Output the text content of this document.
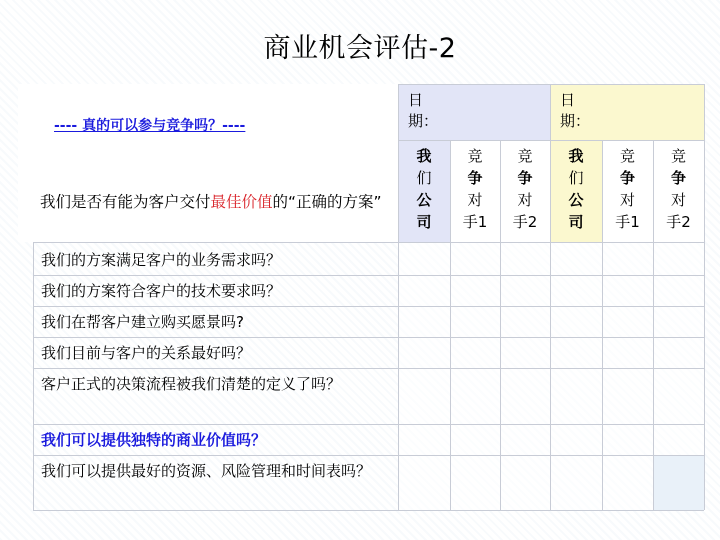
商业机会评估-2
日
期：
日
期：
我
们
公
司
竞
争
对
手1
竞
争
对
手2
我
们
公
司
竞
争
对
手1
竞
争
对
手2
---- 真的可以参与竞争吗？----
我们是否有能为客户交付最佳价值的“正确的方案”
我们的方案满足客户的业务需求吗？
我们的方案符合客户的技术要求吗？
我们在帮客户建立购买愿景吗?
我们目前与客户的关系最好吗？
客户正式的决策流程被我们清楚的定义了吗？
我们可以提供独特的商业价值吗？
我们可以提供最好的资源、风险管理和时间表吗？
